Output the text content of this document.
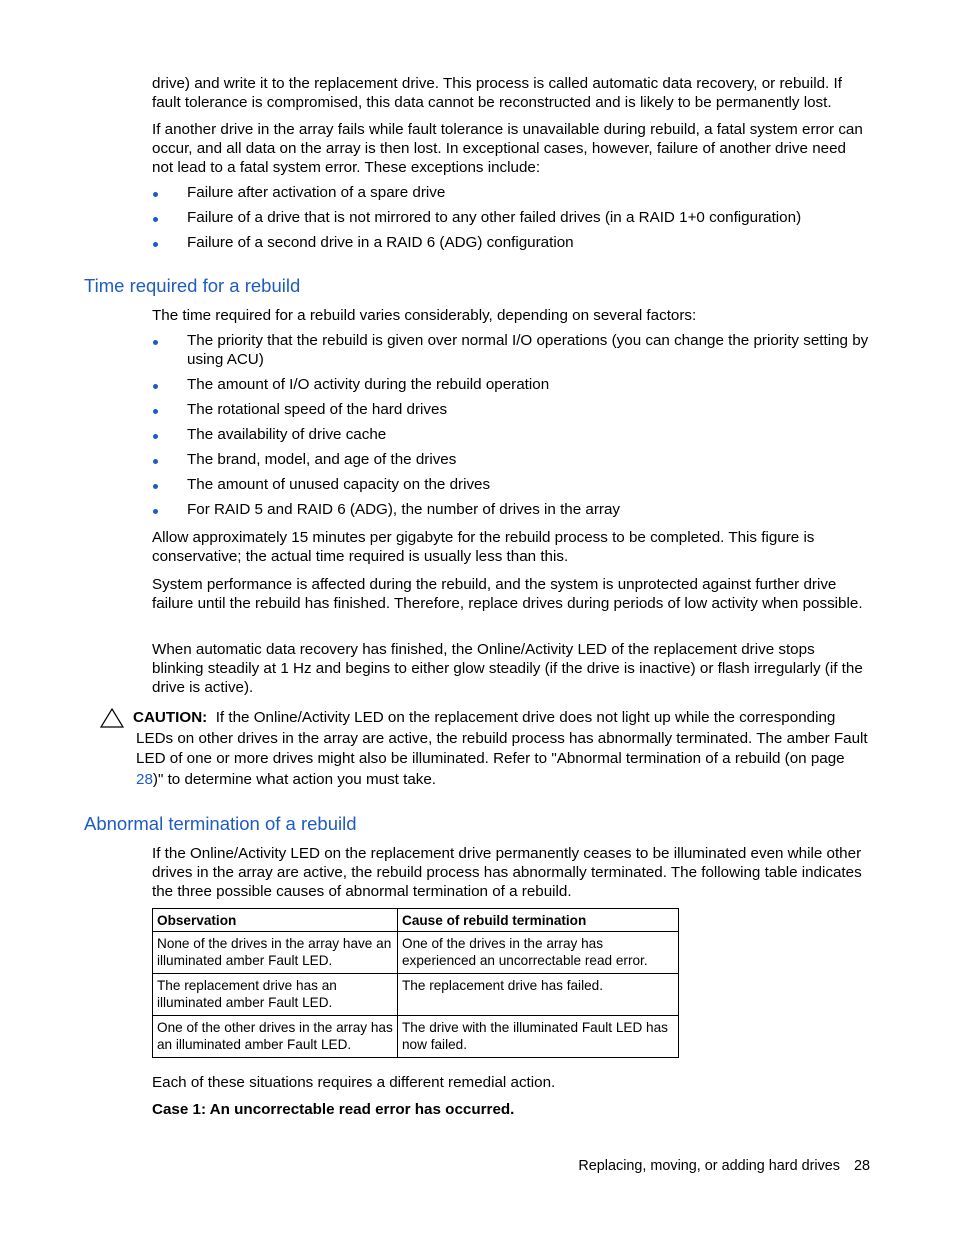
drive) and write it to the replacement drive. This process is called automatic data recovery, or rebuild. If fault tolerance is compromised, this data cannot be reconstructed and is likely to be permanently lost.

If another drive in the array fails while fault tolerance is unavailable during rebuild, a fatal system error can occur, and all data on the array is then lost. In exceptional cases, however, failure of another drive need not lead to a fatal system error. These exceptions include:

Failure after activation of a spare drive
Failure of a drive that is not mirrored to any other failed drives (in a RAID 1+0 configuration)
Failure of a second drive in a RAID 6 (ADG) configuration
Time required for a rebuild

The time required for a rebuild varies considerably, depending on several factors:

The priority that the rebuild is given over normal I/O operations (you can change the priority setting by using ACU)
The amount of I/O activity during the rebuild operation
The rotational speed of the hard drives
The availability of drive cache
The brand, model, and age of the drives
The amount of unused capacity on the drives
For RAID 5 and RAID 6 (ADG), the number of drives in the array

Allow approximately 15 minutes per gigabyte for the rebuild process to be completed. This figure is conservative; the actual time required is usually less than this.

System performance is affected during the rebuild, and the system is unprotected against further drive failure until the rebuild has finished. Therefore, replace drives during periods of low activity when possible.

When automatic data recovery has finished, the Online/Activity LED of the replacement drive stops blinking steadily at 1 Hz and begins to either glow steadily (if the drive is inactive) or flash irregularly (if the drive is active).

CAUTION: If the Online/Activity LED on the replacement drive does not light up while the corresponding LEDs on other drives in the array are active, the rebuild process has abnormally terminated. The amber Fault LED of one or more drives might also be illuminated. Refer to "Abnormal termination of a rebuild (on page 28)" to determine what action you must take.

Abnormal termination of a rebuild

If the Online/Activity LED on the replacement drive permanently ceases to be illuminated even while other drives in the array are active, the rebuild process has abnormally terminated. The following table indicates the three possible causes of abnormal termination of a rebuild.

Observation	Cause of rebuild termination
None of the drives in the array have an illuminated amber Fault LED.	One of the drives in the array has experienced an uncorrectable read error.
The replacement drive has an illuminated amber Fault LED.	The replacement drive has failed.
One of the other drives in the array has an illuminated amber Fault LED.	The drive with the illuminated Fault LED has now failed.

Each of these situations requires a different remedial action.

Case 1: An uncorrectable read error has occurred.

Replacing, moving, or adding hard drives 28
